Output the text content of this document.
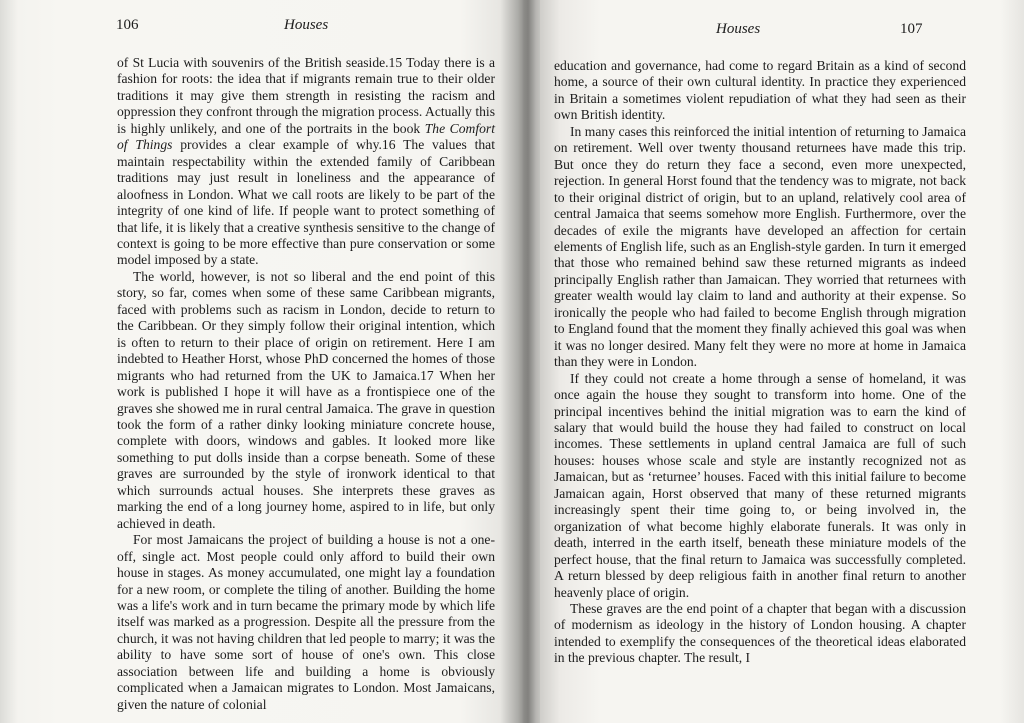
106	Houses

of St Lucia with souvenirs of the British seaside.15 Today there is a fashion for roots: the idea that if migrants remain true to their older traditions it may give them strength in resisting the racism and oppression they confront through the migration process. Actually this is highly unlikely, and one of the portraits in the book The Comfort of Things provides a clear example of why.16 The values that maintain respectability within the extended family of Caribbean traditions may just result in loneliness and the appearance of aloofness in London. What we call roots are likely to be part of the integrity of one kind of life. If people want to protect something of that life, it is likely that a creative synthesis sensitive to the change of context is going to be more effective than pure conservation or some model imposed by a state.

The world, however, is not so liberal and the end point of this story, so far, comes when some of these same Caribbean migrants, faced with problems such as racism in London, decide to return to the Caribbean. Or they simply follow their original intention, which is often to return to their place of origin on retirement. Here I am indebted to Heather Horst, whose PhD concerned the homes of those migrants who had returned from the UK to Jamaica.17 When her work is published I hope it will have as a frontispiece one of the graves she showed me in rural central Jamaica. The grave in question took the form of a rather dinky looking miniature concrete house, complete with doors, windows and gables. It looked more like something to put dolls inside than a corpse beneath. Some of these graves are surrounded by the style of ironwork identical to that which surrounds actual houses. She interprets these graves as marking the end of a long journey home, aspired to in life, but only achieved in death.

For most Jamaicans the project of building a house is not a one-off, single act. Most people could only afford to build their own house in stages. As money accumulated, one might lay a foundation for a new room, or complete the tiling of another. Building the home was a life's work and in turn became the primary mode by which life itself was marked as a progression. Despite all the pressure from the church, it was not having children that led people to marry; it was the ability to have some sort of house of one's own. This close association between life and building a home is obviously complicated when a Jamaican migrates to London. Most Jamaicans, given the nature of colonial

Houses	107

education and governance, had come to regard Britain as a kind of second home, a source of their own cultural identity. In practice they experienced in Britain a sometimes violent repudiation of what they had seen as their own British identity.

In many cases this reinforced the initial intention of returning to Jamaica on retirement. Well over twenty thousand returnees have made this trip. But once they do return they face a second, even more unexpected, rejection. In general Horst found that the tendency was to migrate, not back to their original district of origin, but to an upland, relatively cool area of central Jamaica that seems somehow more English. Furthermore, over the decades of exile the migrants have developed an affection for certain elements of English life, such as an English-style garden. In turn it emerged that those who remained behind saw these returned migrants as indeed principally English rather than Jamaican. They worried that returnees with greater wealth would lay claim to land and authority at their expense. So ironically the people who had failed to become English through migration to England found that the moment they finally achieved this goal was when it was no longer desired. Many felt they were no more at home in Jamaica than they were in London.

If they could not create a home through a sense of homeland, it was once again the house they sought to transform into home. One of the principal incentives behind the initial migration was to earn the kind of salary that would build the house they had failed to construct on local incomes. These settlements in upland central Jamaica are full of such houses: houses whose scale and style are instantly recognized not as Jamaican, but as ‘returnee’ houses. Faced with this initial failure to become Jamaican again, Horst observed that many of these returned migrants increasingly spent their time going to, or being involved in, the organization of what become highly elaborate funerals. It was only in death, interred in the earth itself, beneath these miniature models of the perfect house, that the final return to Jamaica was successfully completed. A return blessed by deep religious faith in another final return to another heavenly place of origin.

These graves are the end point of a chapter that began with a discussion of modernism as ideology in the history of London housing. A chapter intended to exemplify the consequences of the theoretical ideas elaborated in the previous chapter. The result, I
